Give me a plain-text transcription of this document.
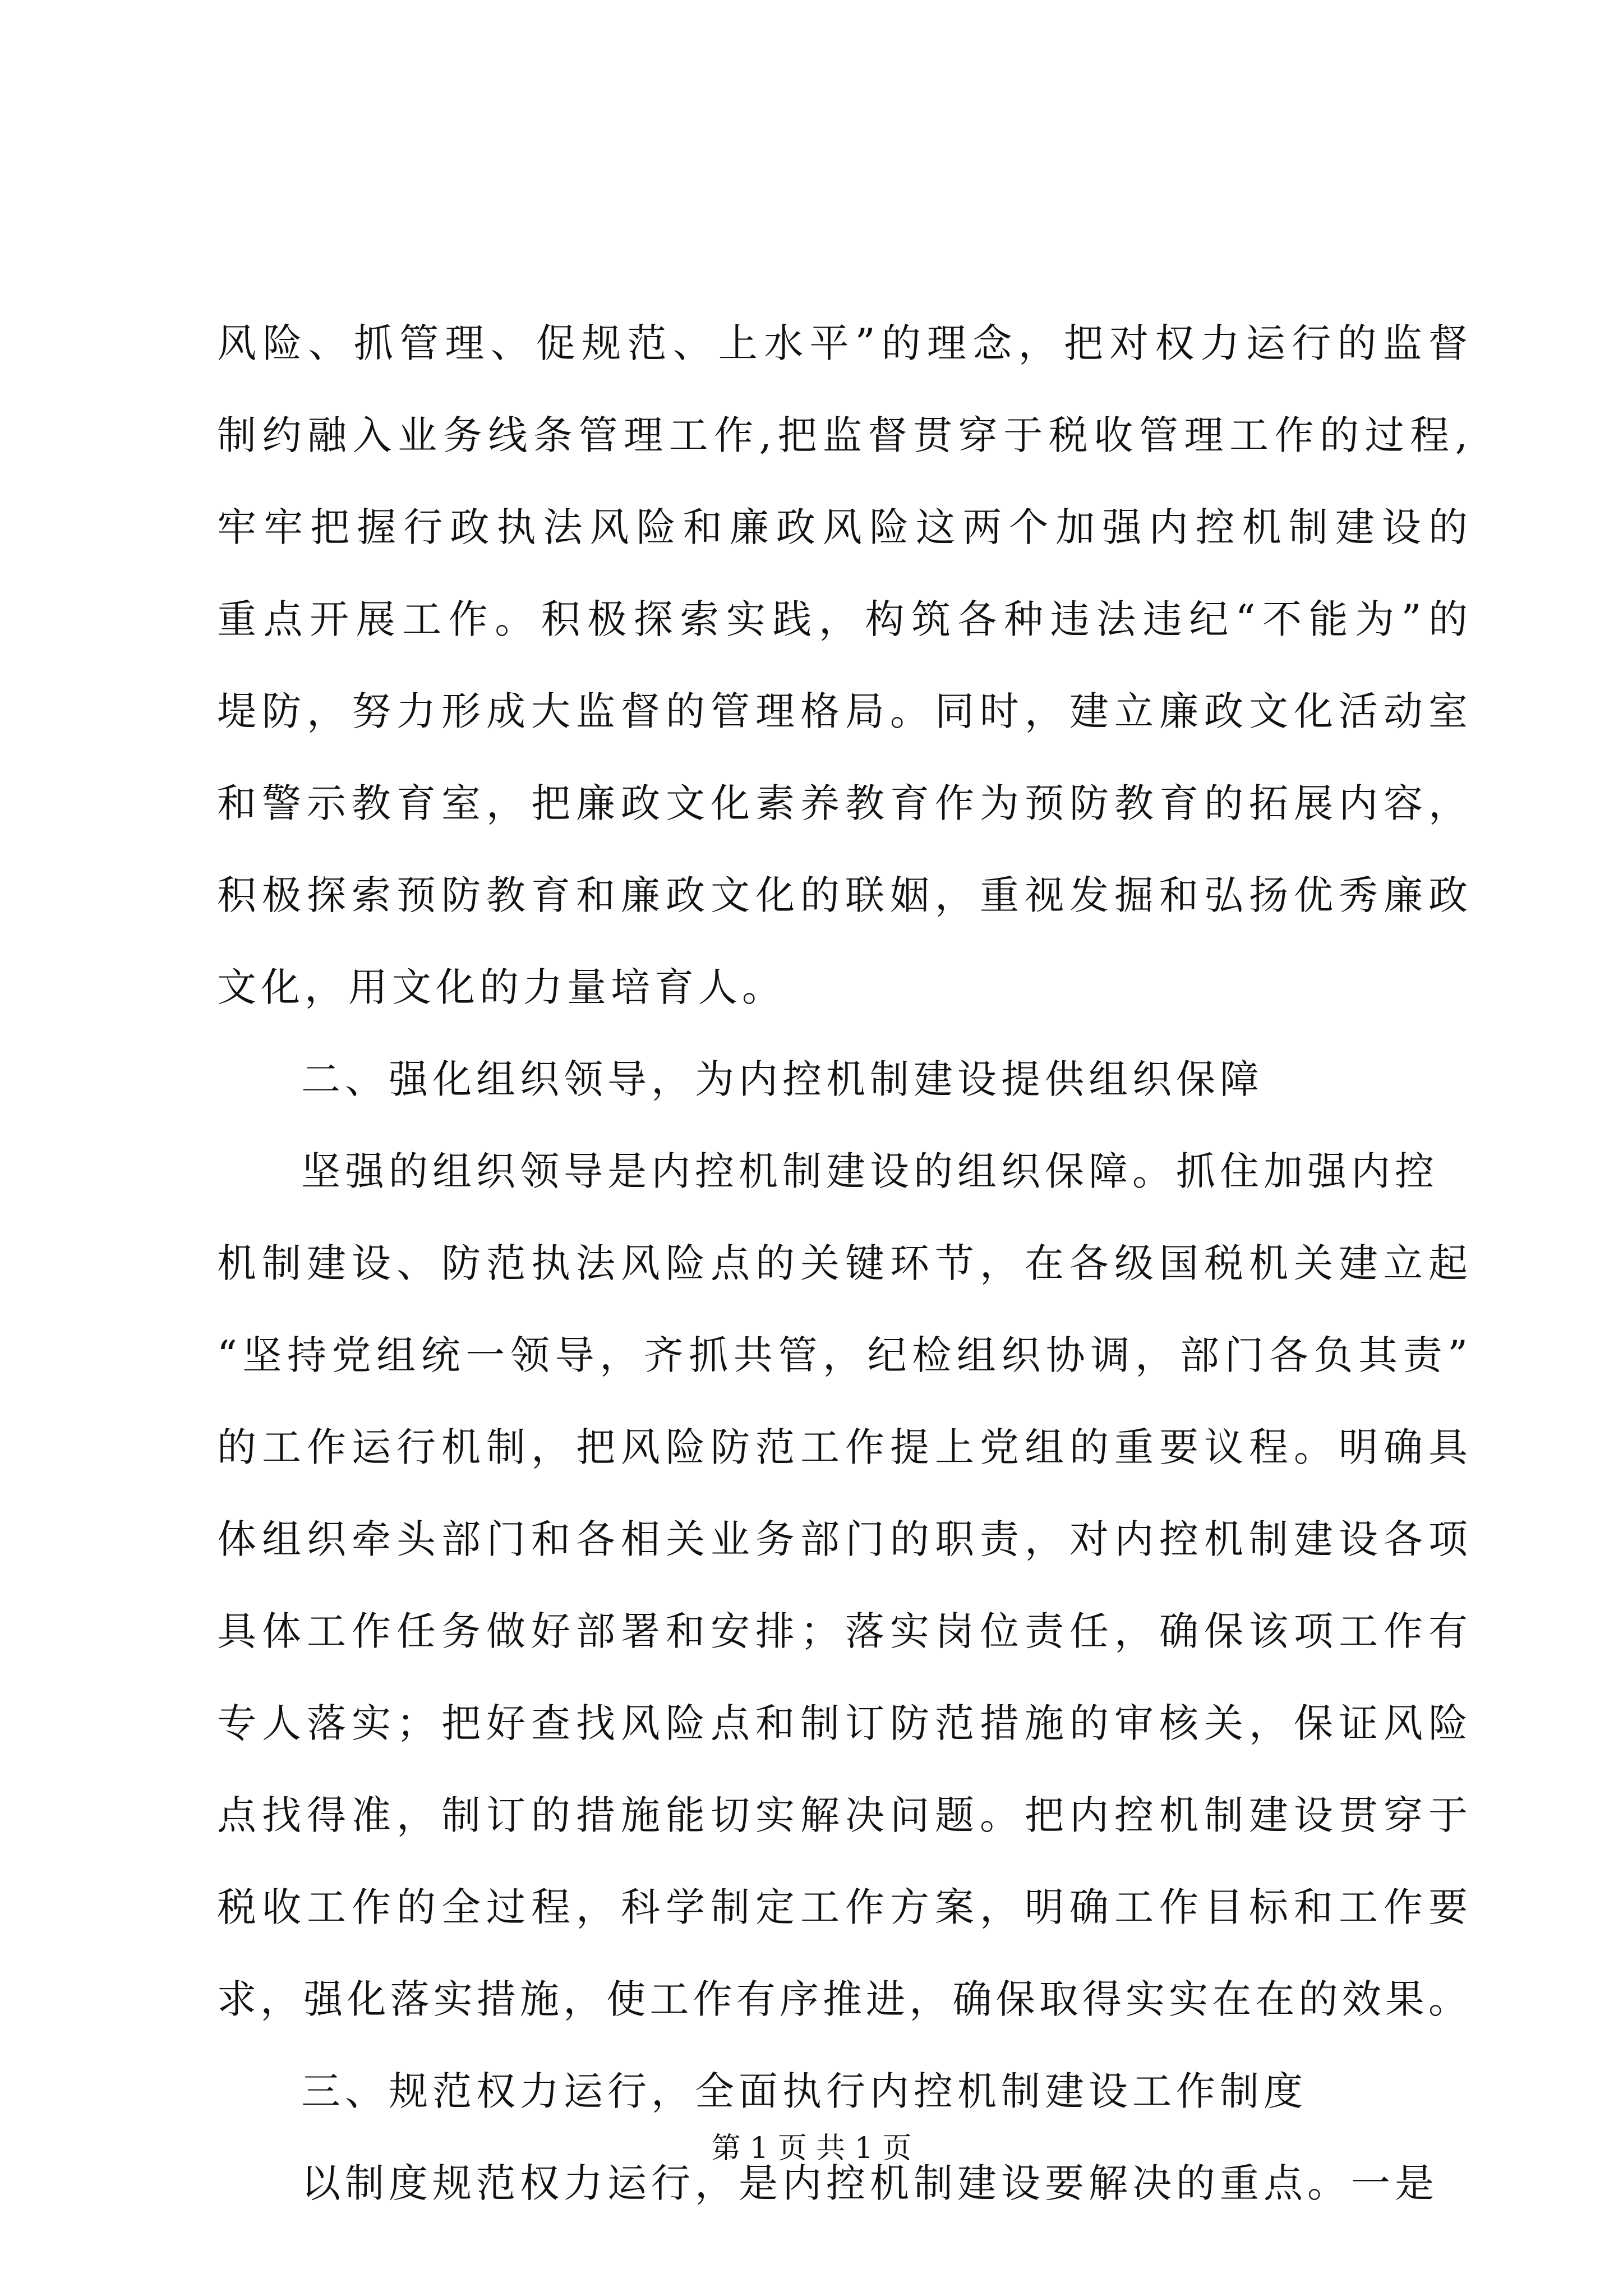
风险、抓管理、促规范、上水平”的理念，把对权力运行的监督
制约融入业务线条管理工作,把监督贯穿于税收管理工作的过程,
牢牢把握行政执法风险和廉政风险这两个加强内控机制建设的
重点开展工作。积极探索实践，构筑各种违法违纪“不能为”的
堤防，努力形成大监督的管理格局。同时，建立廉政文化活动室
和警示教育室，把廉政文化素养教育作为预防教育的拓展内容，
积极探索预防教育和廉政文化的联姻，重视发掘和弘扬优秀廉政
文化，用文化的力量培育人。
二、强化组织领导，为内控机制建设提供组织保障
坚强的组织领导是内控机制建设的组织保障。抓住加强内控
机制建设、防范执法风险点的关键环节，在各级国税机关建立起
“坚持党组统一领导，齐抓共管，纪检组织协调，部门各负其责”
的工作运行机制，把风险防范工作提上党组的重要议程。明确具
体组织牵头部门和各相关业务部门的职责，对内控机制建设各项
具体工作任务做好部署和安排；落实岗位责任，确保该项工作有
专人落实；把好查找风险点和制订防范措施的审核关，保证风险
点找得准，制订的措施能切实解决问题。把内控机制建设贯穿于
税收工作的全过程，科学制定工作方案，明确工作目标和工作要
求，强化落实措施，使工作有序推进，确保取得实实在在的效果。
三、规范权力运行，全面执行内控机制建设工作制度
以制度规范权力运行，是内控机制建设要解决的重点。一是
第 1 页 共 1 页
